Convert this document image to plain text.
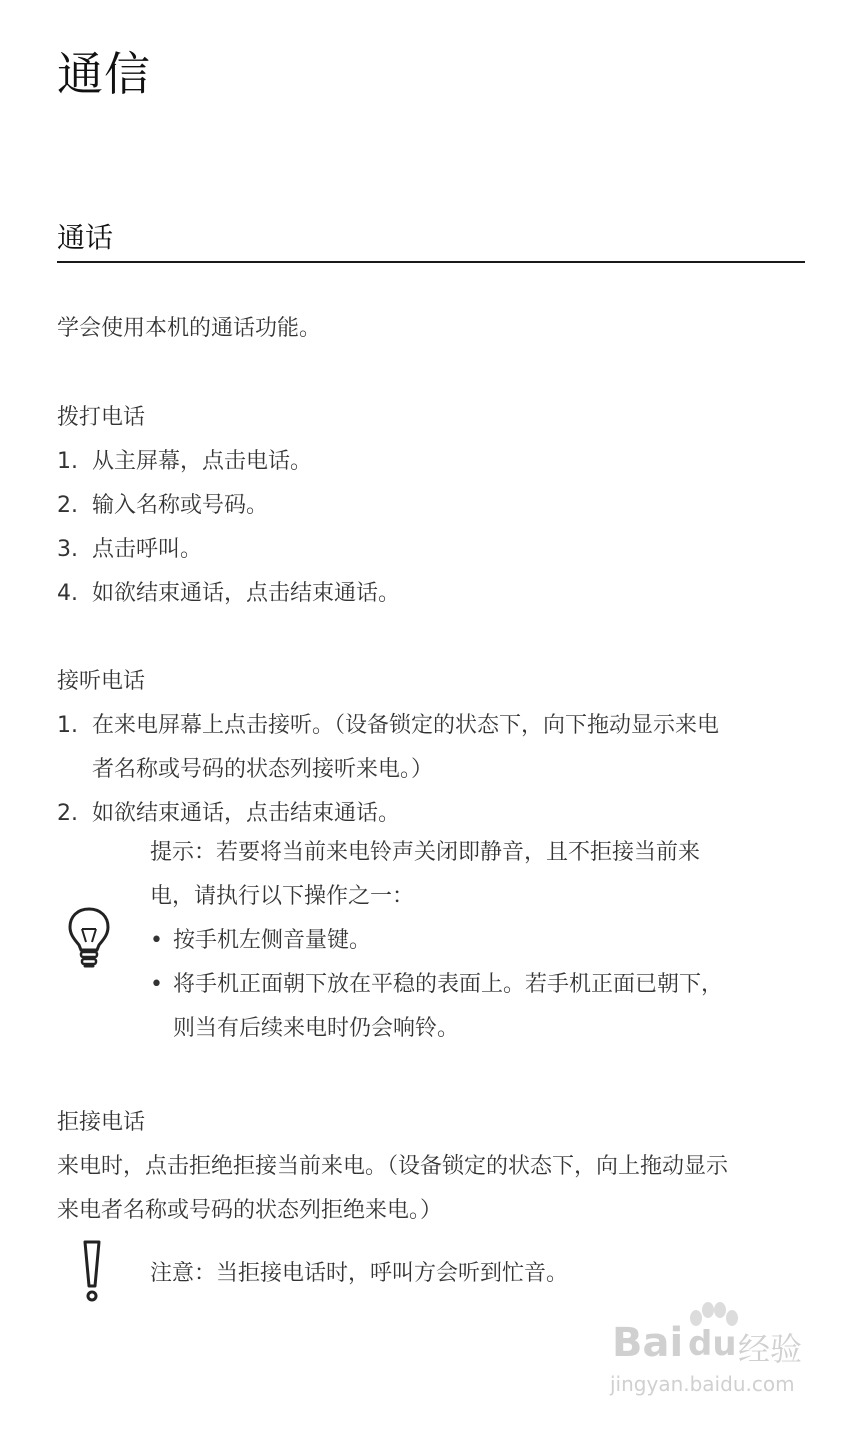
通信
通话
学会使用本机的通话功能。
拨打电话
1. 从主屏幕，点击电话。
2. 输入名称或号码。
3. 点击呼叫。
4. 如欲结束通话，点击结束通话。
接听电话
1. 在来电屏幕上点击接听。（设备锁定的状态下，向下拖动显示来电
者名称或号码的状态列接听来电。）
2. 如欲结束通话，点击结束通话。
提示：若要将当前来电铃声关闭即静音，且不拒接当前来
电，请执行以下操作之一：
• 按手机左侧音量键。
• 将手机正面朝下放在平稳的表面上。若手机正面已朝下，
则当有后续来电时仍会响铃。
拒接电话
来电时，点击拒绝拒接当前来电。（设备锁定的状态下，向上拖动显示
来电者名称或号码的状态列拒绝来电。）
注意：当拒接电话时，呼叫方会听到忙音。
Bai du 经验
jingyan.baidu.com
